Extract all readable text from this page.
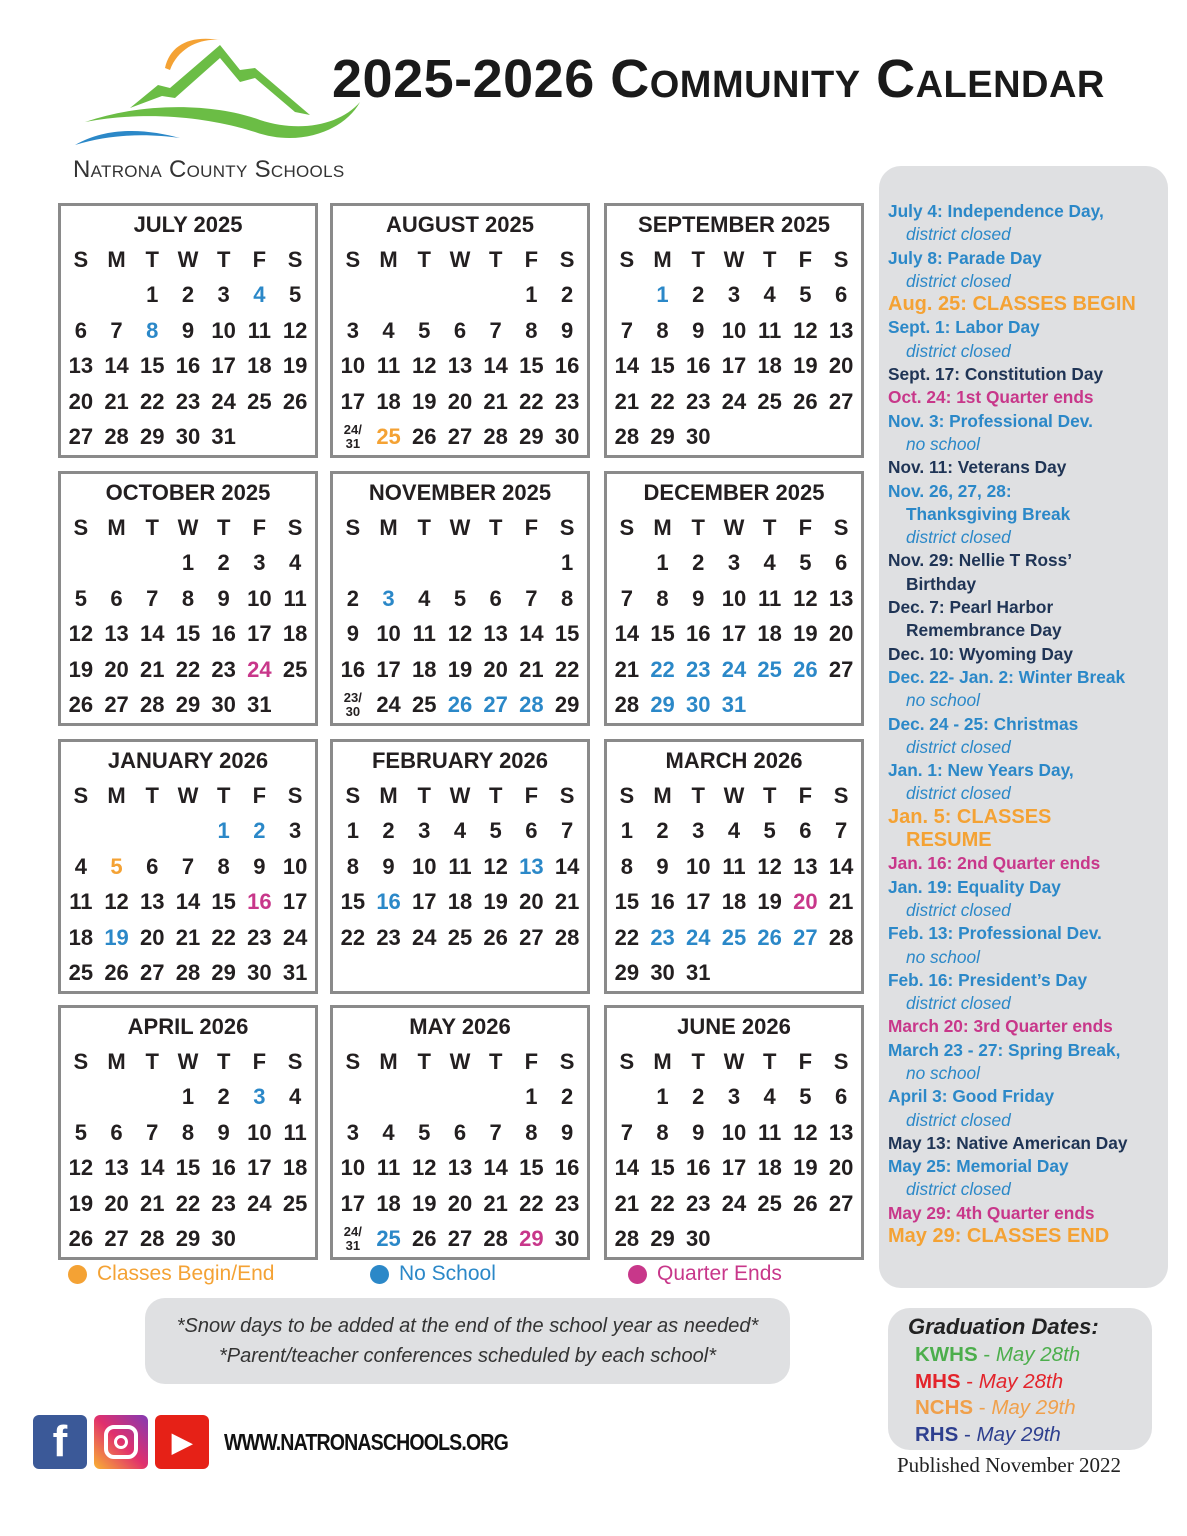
Natrona County Schools
2025-2026 Community Calendar
JULY 2025
S	M	T	W	T	F	S
		1	2	3	4	5
6	7	8	9	10	11	12
13	14	15	16	17	18	19
20	21	22	23	24	25	26
27	28	29	30	31		
AUGUST 2025
S	M	T	W	T	F	S
					1	2
3	4	5	6	7	8	9
10	11	12	13	14	15	16
17	18	19	20	21	22	23
24/31	25	26	27	28	29	30
SEPTEMBER 2025
S	M	T	W	T	F	S
	1	2	3	4	5	6
7	8	9	10	11	12	13
14	15	16	17	18	19	20
21	22	23	24	25	26	27
28	29	30				
OCTOBER 2025
S	M	T	W	T	F	S
			1	2	3	4
5	6	7	8	9	10	11
12	13	14	15	16	17	18
19	20	21	22	23	24	25
26	27	28	29	30	31	
NOVEMBER 2025
S	M	T	W	T	F	S
						1
2	3	4	5	6	7	8
9	10	11	12	13	14	15
16	17	18	19	20	21	22
23/30	24	25	26	27	28	29
DECEMBER 2025
S	M	T	W	T	F	S
	1	2	3	4	5	6
7	8	9	10	11	12	13
14	15	16	17	18	19	20
21	22	23	24	25	26	27
28	29	30	31			
JANUARY 2026
S	M	T	W	T	F	S
				1	2	3
4	5	6	7	8	9	10
11	12	13	14	15	16	17
18	19	20	21	22	23	24
25	26	27	28	29	30	31
FEBRUARY 2026
S	M	T	W	T	F	S
1	2	3	4	5	6	7
8	9	10	11	12	13	14
15	16	17	18	19	20	21
22	23	24	25	26	27	28
MARCH 2026
S	M	T	W	T	F	S
1	2	3	4	5	6	7
8	9	10	11	12	13	14
15	16	17	18	19	20	21
22	23	24	25	26	27	28
29	30	31				
APRIL 2026
S	M	T	W	T	F	S
			1	2	3	4
5	6	7	8	9	10	11
12	13	14	15	16	17	18
19	20	21	22	23	24	25
26	27	28	29	30		
MAY 2026
S	M	T	W	T	F	S
					1	2
3	4	5	6	7	8	9
10	11	12	13	14	15	16
17	18	19	20	21	22	23
24/31	25	26	27	28	29	30
JUNE 2026
S	M	T	W	T	F	S
	1	2	3	4	5	6
7	8	9	10	11	12	13
14	15	16	17	18	19	20
21	22	23	24	25	26	27
28	29	30				
July 4: Independence Day,
district closed
July 8: Parade Day
district closed
Aug. 25: CLASSES BEGIN
Sept. 1: Labor Day
district closed
Sept. 17: Constitution Day
Oct. 24: 1st Quarter ends
Nov. 3: Professional Dev.
no school
Nov. 11: Veterans Day
Nov. 26, 27, 28:
Thanksgiving Break
district closed
Nov. 29: Nellie T Ross’
Birthday
Dec. 7: Pearl Harbor
Remembrance Day
Dec. 10: Wyoming Day
Dec. 22- Jan. 2: Winter Break
no school
Dec. 24 - 25: Christmas
district closed
Jan. 1: New Years Day,
district closed
Jan. 5: CLASSES
RESUME
Jan. 16: 2nd Quarter ends
Jan. 19: Equality Day
district closed
Feb. 13: Professional Dev.
no school
Feb. 16: President’s Day
district closed
March 20: 3rd Quarter ends
March 23 - 27: Spring Break,
no school
April 3: Good Friday
district closed
May 13: Native American Day
May 25: Memorial Day
district closed
May 29: 4th Quarter ends
May 29: CLASSES END
Classes Begin/End	No School	Quarter Ends
*Snow days to be added at the end of the school year as needed*
*Parent/teacher conferences scheduled by each school*
f	▶	WWW.NATRONASCHOOLS.ORG
Graduation Dates:
KWHS - May 28th
MHS - May 28th
NCHS - May 29th
RHS - May 29th
Published November 2022
